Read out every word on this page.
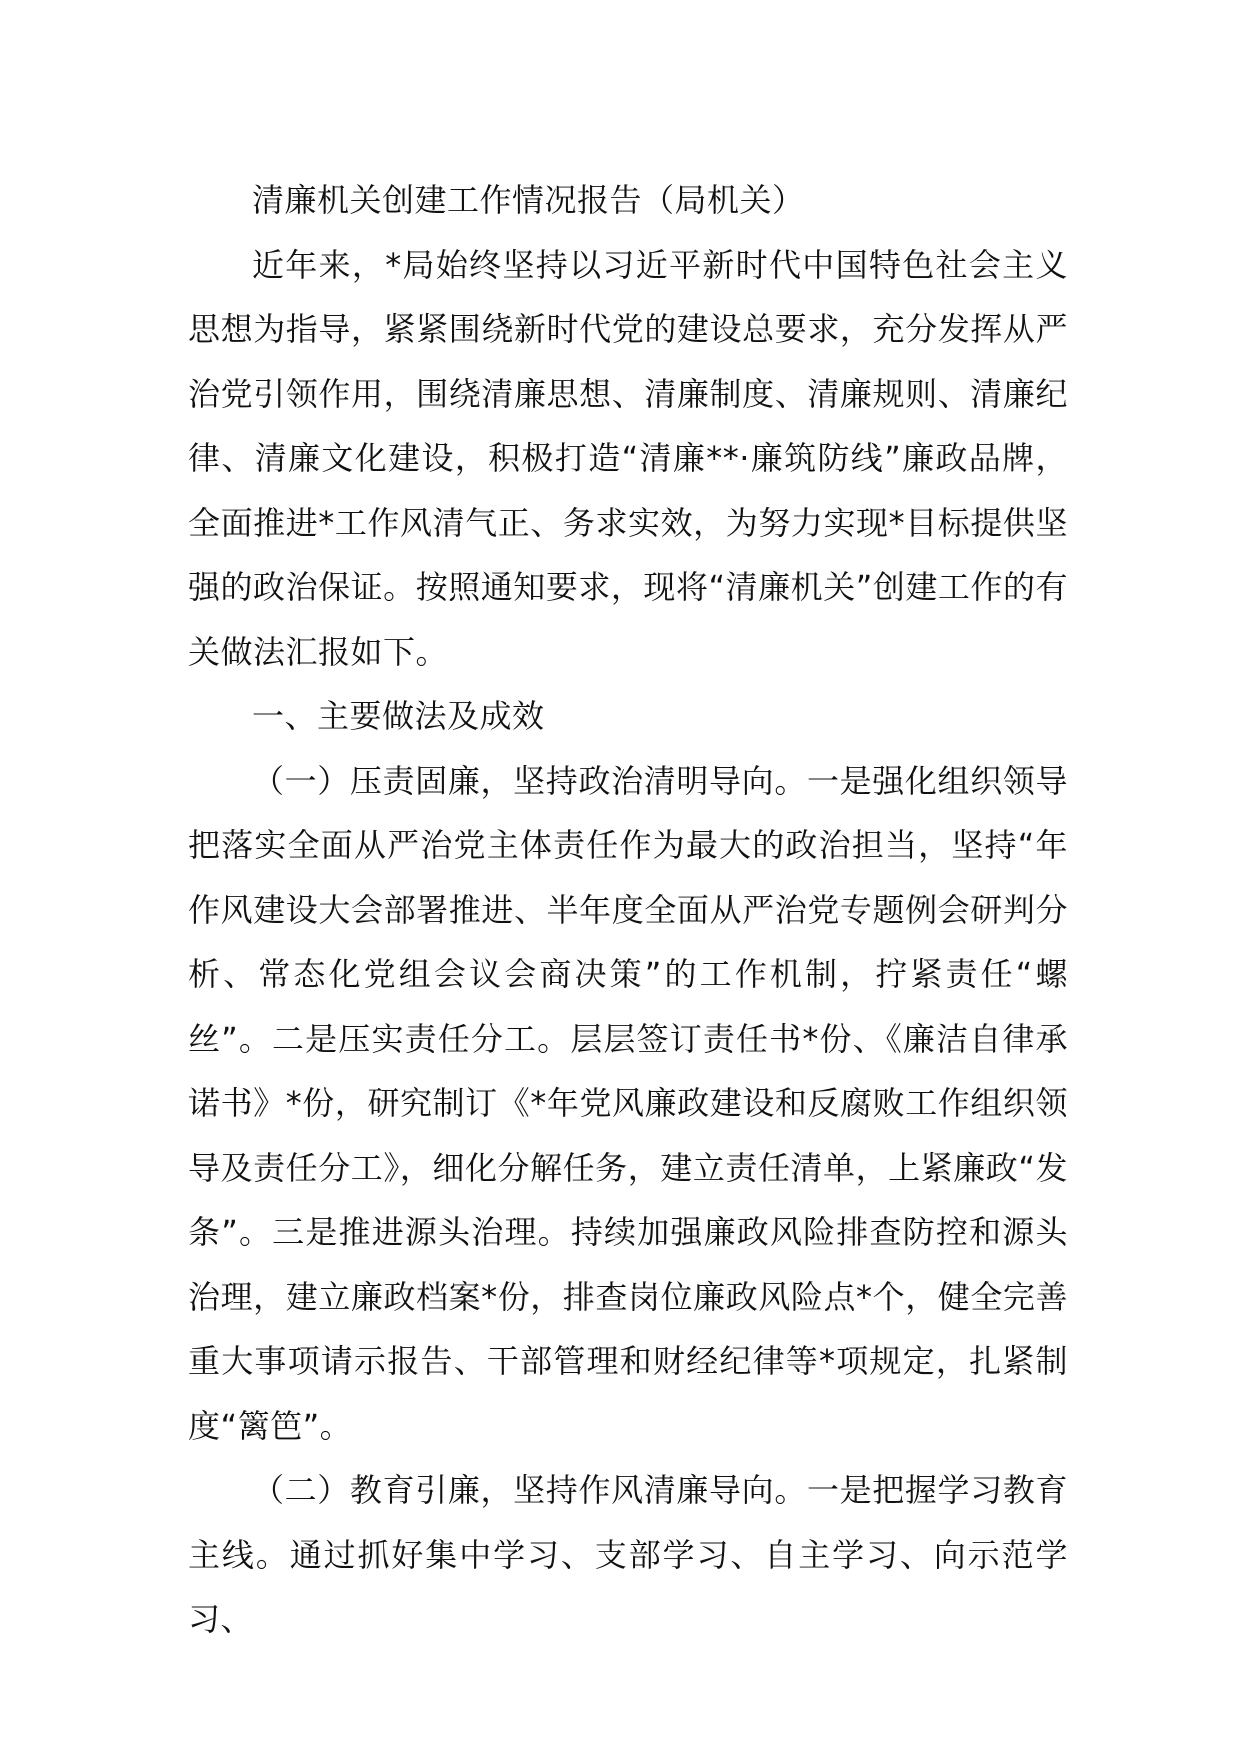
清廉机关创建工作情况报告（局机关）

近年来，*局始终坚持以习近平新时代中国特色社会主义思想为指导，紧紧围绕新时代党的建设总要求，充分发挥从严治党引领作用，围绕清廉思想、清廉制度、清廉规则、清廉纪律、清廉文化建设，积极打造“清廉**·廉筑防线”廉政品牌，全面推进*工作风清气正、务求实效，为努力实现*目标提供坚强的政治保证。按照通知要求，现将“清廉机关”创建工作的有关做法汇报如下。

一、主要做法及成效

（一）压责固廉，坚持政治清明导向。一是强化组织领导把落实全面从严治党主体责任作为最大的政治担当，坚持“年作风建设大会部署推进、半年度全面从严治党专题例会研判分析、常态化党组会议会商决策”的工作机制，拧紧责任“螺丝”。二是压实责任分工。层层签订责任书*份、《廉洁自律承诺书》*份，研究制订《*年党风廉政建设和反腐败工作组织领导及责任分工》，细化分解任务，建立责任清单，上紧廉政“发条”。三是推进源头治理。持续加强廉政风险排查防控和源头治理，建立廉政档案*份，排查岗位廉政风险点*个，健全完善重大事项请示报告、干部管理和财经纪律等*项规定，扎紧制度“篱笆”。

（二）教育引廉，坚持作风清廉导向。一是把握学习教育主线。通过抓好集中学习、支部学习、自主学习、向示范学习、
